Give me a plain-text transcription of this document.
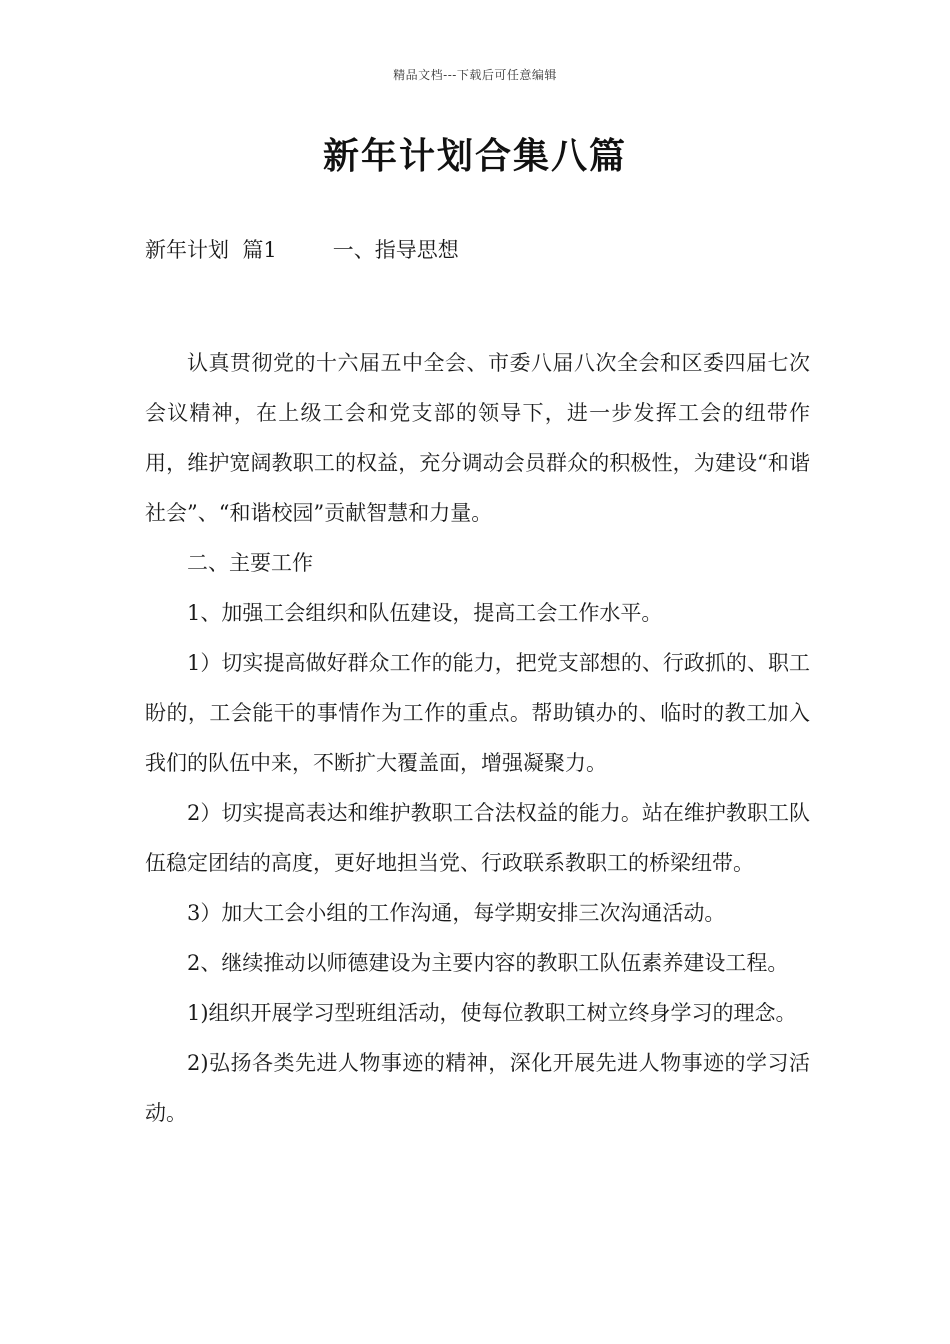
精品文档---下载后可任意编辑
新年计划合集八篇
新年计划  篇1	一、指导思想

认真贯彻党的十六届五中全会、市委八届八次全会和区委四届七次会议精神，在上级工会和党支部的领导下，进一步发挥工会的纽带作用，维护宽阔教职工的权益，充分调动会员群众的积极性，为建设“和谐社会”、“和谐校园”贡献智慧和力量。

二、主要工作

1、加强工会组织和队伍建设，提高工会工作水平。

1）切实提高做好群众工作的能力，把党支部想的、行政抓的、职工盼的，工会能干的事情作为工作的重点。帮助镇办的、临时的教工加入我们的队伍中来，不断扩大覆盖面，增强凝聚力。

2）切实提高表达和维护教职工合法权益的能力。站在维护教职工队伍稳定团结的高度，更好地担当党、行政联系教职工的桥梁纽带。

3）加大工会小组的工作沟通，每学期安排三次沟通活动。

2、继续推动以师德建设为主要内容的教职工队伍素养建设工程。

1)组织开展学习型班组活动，使每位教职工树立终身学习的理念。

2)弘扬各类先进人物事迹的精神，深化开展先进人物事迹的学习活动。
